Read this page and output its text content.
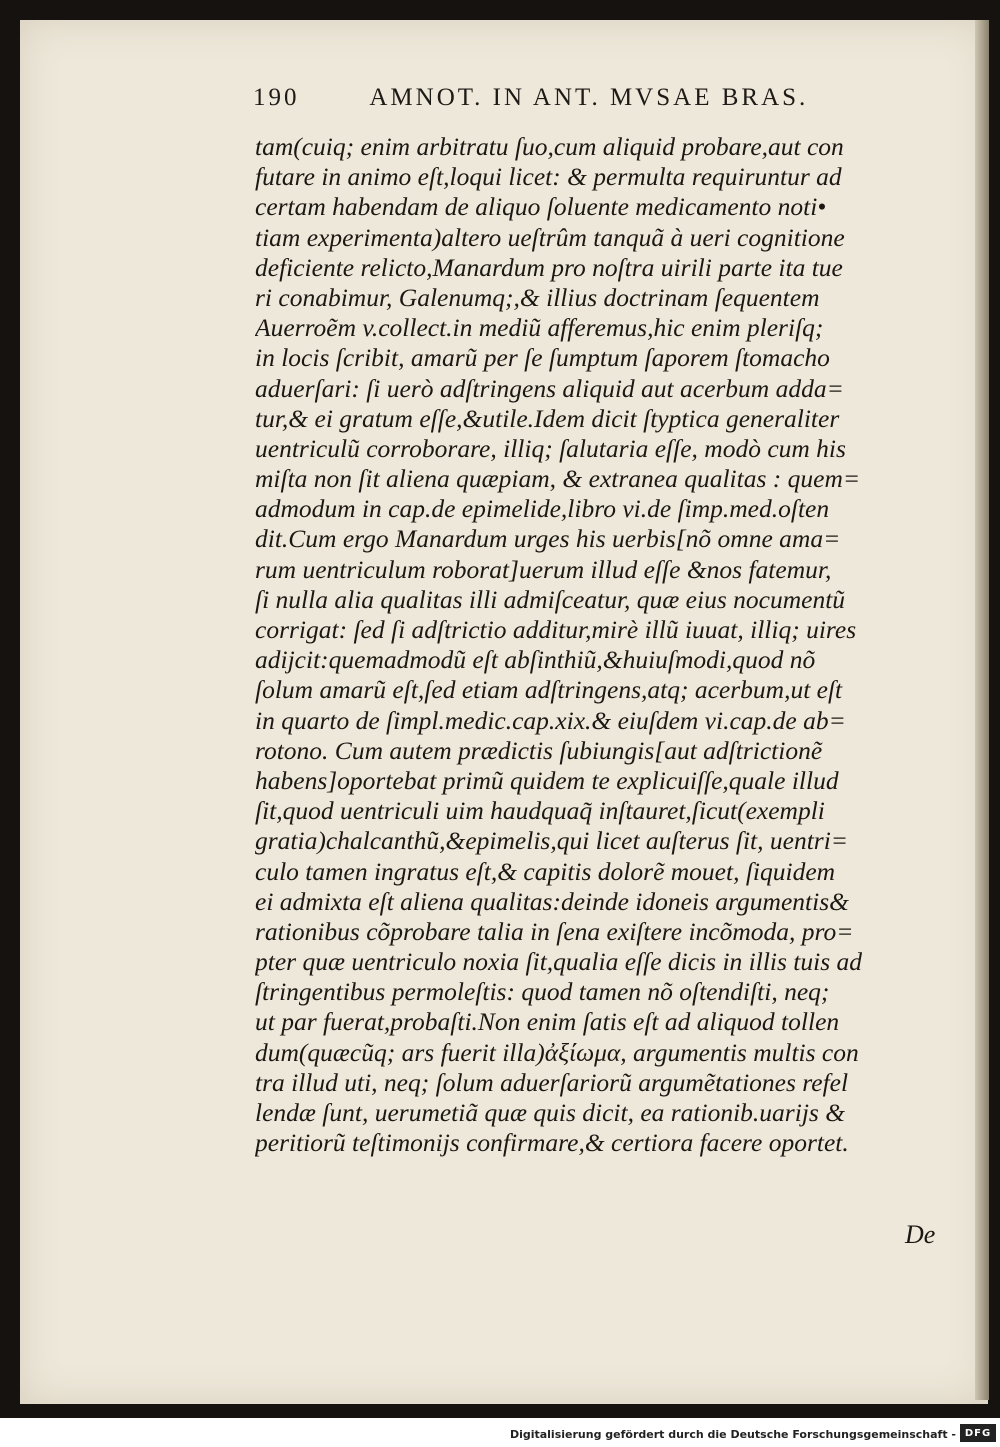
190	AMNOT. IN ANT. MVSAE BRAS.
tam(cuiq; enim arbitratu ſuo,cum aliquid probare,aut con
futare in animo eſt,loqui licet: & permulta requiruntur ad
certam habendam de aliquo ſoluente medicamento noti•
tiam experimenta)altero ueſtrûm tanquã à ueri cognitione
deficiente relicto,Manardum pro noſtra uirili parte ita tue
ri conabimur, Galenumq;,& illius doctrinam ſequentem
Auerroẽm v.collect.in mediũ afferemus,hic enim pleriſq;
in locis ſcribit, amarũ per ſe ſumptum ſaporem ſtomacho
aduerſari: ſi uerò adſtringens aliquid aut acerbum adda=
tur,& ei gratum eſſe,&utile.Idem dicit ſtyptica generaliter
uentriculũ corroborare, illiq; ſalutaria eſſe, modò cum his
miſta non ſit aliena quæpiam, & extranea qualitas : quem=
admodum in cap.de epimelide,libro vi.de ſimp.med.oſten
dit.Cum ergo Manardum urges his uerbis[nõ omne ama=
rum uentriculum roborat]uerum illud eſſe &nos fatemur,
ſi nulla alia qualitas illi admiſceatur, quæ eius nocumentũ
corrigat: ſed ſi adſtrictio additur,mirè illũ iuuat, illiq; uires
adijcit:quemadmodũ eſt abſinthiũ,&huiuſmodi,quod nõ
ſolum amarũ eſt,ſed etiam adſtringens,atq; acerbum,ut eſt
in quarto de ſimpl.medic.cap.xix.& eiuſdem vi.cap.de ab=
rotono. Cum autem prædictis ſubiungis[aut adſtrictionẽ
habens]oportebat primũ quidem te explicuiſſe,quale illud
ſit,quod uentriculi uim haudquaq̃ inſtauret,ſicut(exempli
gratia)chalcanthũ,&epimelis,qui licet auſterus ſit, uentri=
culo tamen ingratus eſt,& capitis dolorẽ mouet, ſiquidem
ei admixta eſt aliena qualitas:deinde idoneis argumentis&
rationibus cõprobare talia in ſena exiſtere incõmoda, pro=
pter quæ uentriculo noxia ſit,qualia eſſe dicis in illis tuis ad
ſtringentibus permoleſtis: quod tamen nõ oſtendiſti, neq;
ut par fuerat,probaſti.Non enim ſatis eſt ad aliquod tollen
dum(quæcũq; ars fuerit illa)ἀξίωμα, argumentis multis con
tra illud uti, neq; ſolum aduerſariorũ argumẽtationes refel
lendæ ſunt, uerumetiã quæ quis dicit, ea rationib.uarijs &
peritiorũ teſtimonijs confirmare,& certiora facere oportet.
De
Digitalisierung gefördert durch die Deutsche Forschungsgemeinschaft - DFG
